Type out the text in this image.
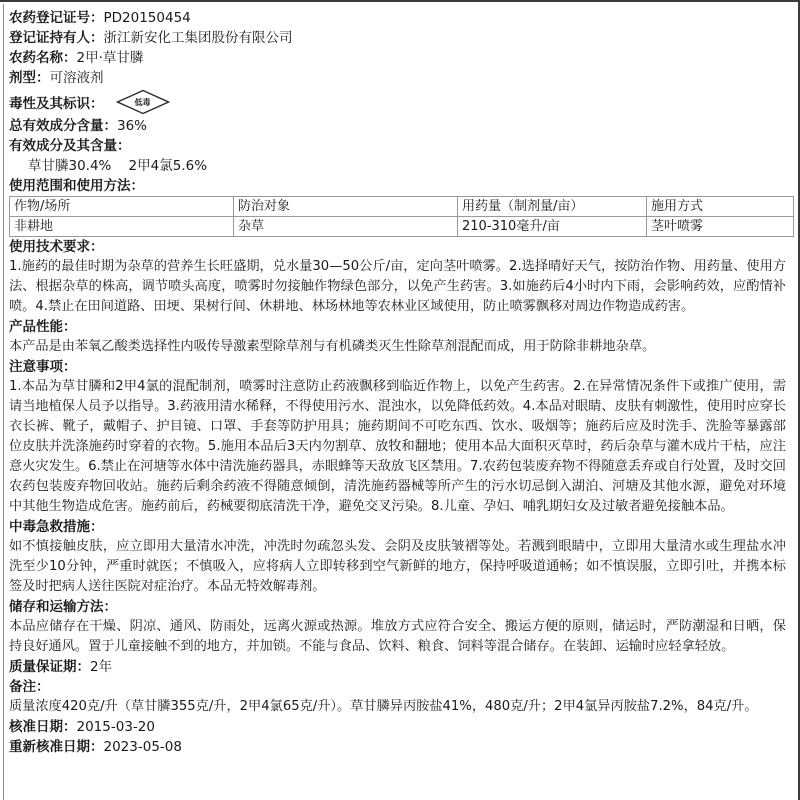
农药登记证号：PD20150454
登记证持有人：浙江新安化工集团股份有限公司
农药名称：2甲·草甘膦
剂型：可溶液剂
毒性及其标识：	低毒
总有效成分含量：36%
有效成分及其含量：
草甘膦30.4%    2甲4氯5.6%
使用范围和使用方法：
作物/场所	防治对象	用药量（制剂量/亩）	施用方式
非耕地	杂草	210-310毫升/亩	茎叶喷雾
使用技术要求：
1.施药的最佳时期为杂草的营养生长旺盛期，兑水量30—50公斤/亩，定向茎叶喷雾。2.选择晴好天气，按防治作物、用药量、使用方法、根据杂草的株高，调节喷头高度，喷雾时勿接触作物绿色部分，以免产生药害。3.如施药后4小时内下雨，会影响药效，应酌情补喷。4.禁止在田间道路、田埂、果树行间、休耕地、林场林地等农林业区域使用，防止喷雾飘移对周边作物造成药害。
产品性能：
本产品是由苯氧乙酸类选择性内吸传导激素型除草剂与有机磷类灭生性除草剂混配而成，用于防除非耕地杂草。
注意事项：
1.本品为草甘膦和2甲4氯的混配制剂，喷雾时注意防止药液飘移到临近作物上，以免产生药害。2.在异常情况条件下或推广使用，需请当地植保人员予以指导。3.药液用清水稀释，不得使用污水、混浊水，以免降低药效。4.本品对眼睛、皮肤有刺激性，使用时应穿长衣长裤、靴子，戴帽子、护目镜、口罩、手套等防护用具；施药期间不可吃东西、饮水、吸烟等；施药后应及时洗手、洗脸等暴露部位皮肤并洗涤施药时穿着的衣物。5.施用本品后3天内勿割草、放牧和翻地；使用本品大面积灭草时，药后杂草与灌木成片干枯，应注意火灾发生。6.禁止在河塘等水体中清洗施药器具，赤眼蜂等天敌放飞区禁用。7.农药包装废弃物不得随意丢弃或自行处置，及时交回农药包装废弃物回收站。施药后剩余药液不得随意倾倒，清洗施药器械等所产生的污水切忌倒入湖泊、河塘及其他水源，避免对环境中其他生物造成危害。施药前后，药械要彻底清洗干净，避免交叉污染。8.儿童、孕妇、哺乳期妇女及过敏者避免接触本品。
中毒急救措施：
如不慎接触皮肤，应立即用大量清水冲洗，冲洗时勿疏忽头发、会阴及皮肤皱褶等处。若溅到眼睛中，立即用大量清水或生理盐水冲洗至少10分钟，严重时就医；不慎吸入，应将病人立即转移到空气新鲜的地方，保持呼吸道通畅；如不慎误服，立即引吐，并携本标签及时把病人送往医院对症治疗。本品无特效解毒剂。
储存和运输方法：
本品应储存在干燥、阴凉、通风、防雨处，远离火源或热源。堆放方式应符合安全、搬运方便的原则，储运时，严防潮湿和日晒，保持良好通风。置于儿童接触不到的地方，并加锁。不能与食品、饮料、粮食、饲料等混合储存。在装卸、运输时应轻拿轻放。
质量保证期：2年
备注：
质量浓度420克/升（草甘膦355克/升，2甲4氯65克/升）。草甘膦异丙胺盐41%，480克/升；2甲4氯异丙胺盐7.2%，84克/升。
核准日期：2015-03-20
重新核准日期：2023-05-08
